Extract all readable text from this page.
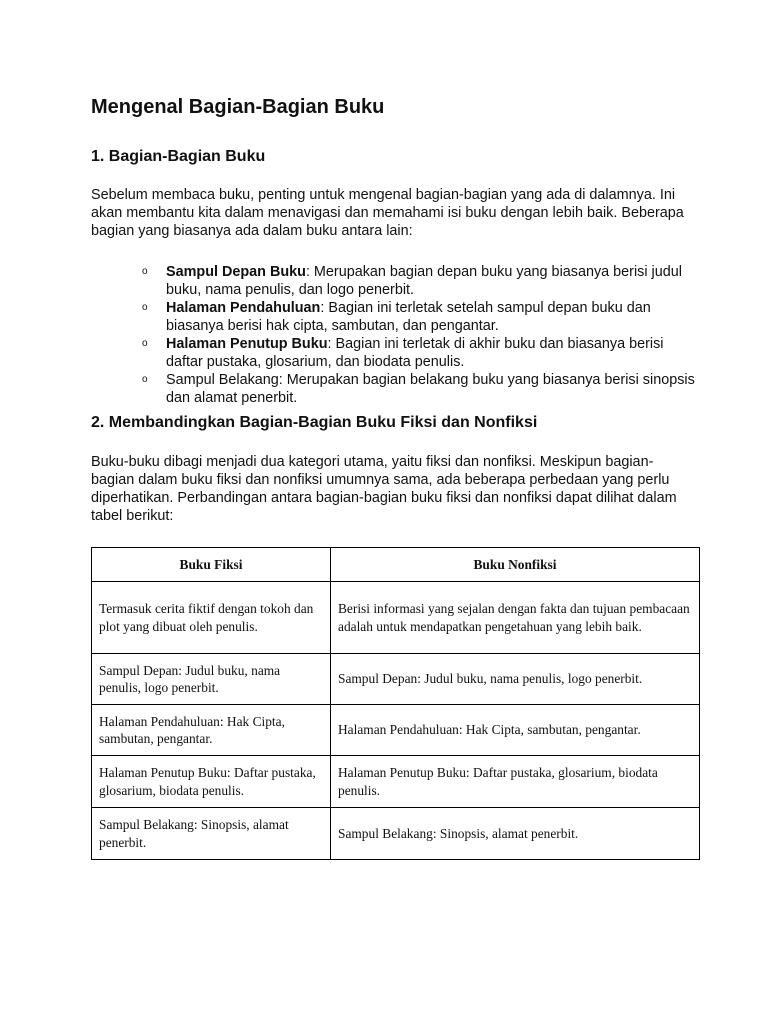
Mengenal Bagian-Bagian Buku
1. Bagian-Bagian Buku

Sebelum membaca buku, penting untuk mengenal bagian-bagian yang ada di dalamnya. Ini akan membantu kita dalam menavigasi dan memahami isi buku dengan lebih baik. Beberapa bagian yang biasanya ada dalam buku antara lain:

o Sampul Depan Buku: Merupakan bagian depan buku yang biasanya berisi judul buku, nama penulis, dan logo penerbit.
o Halaman Pendahuluan: Bagian ini terletak setelah sampul depan buku dan biasanya berisi hak cipta, sambutan, dan pengantar.
o Halaman Penutup Buku: Bagian ini terletak di akhir buku dan biasanya berisi daftar pustaka, glosarium, dan biodata penulis.
o Sampul Belakang: Merupakan bagian belakang buku yang biasanya berisi sinopsis dan alamat penerbit.
2. Membandingkan Bagian-Bagian Buku Fiksi dan Nonfiksi

Buku-buku dibagi menjadi dua kategori utama, yaitu fiksi dan nonfiksi. Meskipun bagian-bagian dalam buku fiksi dan nonfiksi umumnya sama, ada beberapa perbedaan yang perlu diperhatikan. Perbandingan antara bagian-bagian buku fiksi dan nonfiksi dapat dilihat dalam tabel berikut:

Buku Fiksi	Buku Nonfiksi
Termasuk cerita fiktif dengan tokoh dan plot yang dibuat oleh penulis.	Berisi informasi yang sejalan dengan fakta dan tujuan pembacaan adalah untuk mendapatkan pengetahuan yang lebih baik.
Sampul Depan: Judul buku, nama penulis, logo penerbit.	Sampul Depan: Judul buku, nama penulis, logo penerbit.
Halaman Pendahuluan: Hak Cipta, sambutan, pengantar.	Halaman Pendahuluan: Hak Cipta, sambutan, pengantar.
Halaman Penutup Buku: Daftar pustaka, glosarium, biodata penulis.	Halaman Penutup Buku: Daftar pustaka, glosarium, biodata penulis.
Sampul Belakang: Sinopsis, alamat penerbit.	Sampul Belakang: Sinopsis, alamat penerbit.
